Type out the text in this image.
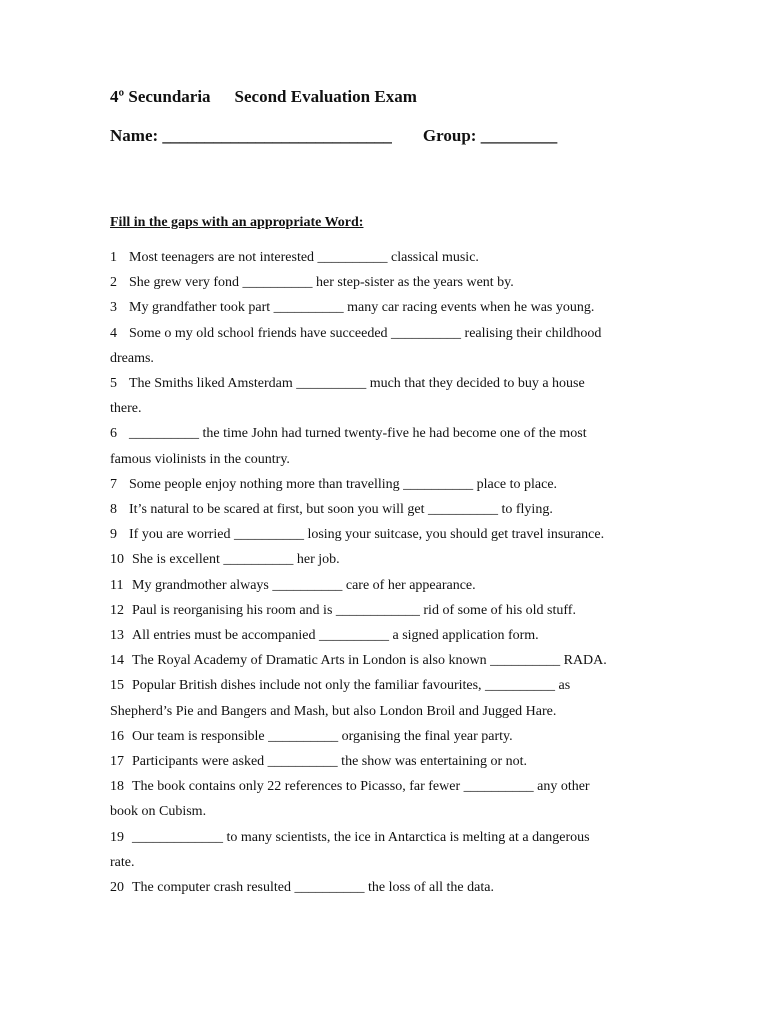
4º Secundaria Second Evaluation Exam
Name: ___________________________ Group: _________
Fill in the gaps with an appropriate Word:
1 Most teenagers are not interested __________ classical music.
2 She grew very fond __________ her step-sister as the years went by.
3 My grandfather took part __________ many car racing events when he was young.
4 Some o my old school friends have succeeded __________ realising their childhood
dreams.
5 The Smiths liked Amsterdam __________ much that they decided to buy a house
there.
6 __________ the time John had turned twenty-five he had become one of the most
famous violinists in the country.
7 Some people enjoy nothing more than travelling __________ place to place.
8 It’s natural to be scared at first, but soon you will get __________ to flying.
9 If you are worried __________ losing your suitcase, you should get travel insurance.
10 She is excellent __________ her job.
11 My grandmother always __________ care of her appearance.
12 Paul is reorganising his room and is ____________ rid of some of his old stuff.
13 All entries must be accompanied __________ a signed application form.
14 The Royal Academy of Dramatic Arts in London is also known __________ RADA.
15 Popular British dishes include not only the familiar favourites, __________ as
Shepherd’s Pie and Bangers and Mash, but also London Broil and Jugged Hare.
16 Our team is responsible __________ organising the final year party.
17 Participants were asked __________ the show was entertaining or not.
18 The book contains only 22 references to Picasso, far fewer __________ any other
book on Cubism.
19 _____________ to many scientists, the ice in Antarctica is melting at a dangerous
rate.
20 The computer crash resulted __________ the loss of all the data.
